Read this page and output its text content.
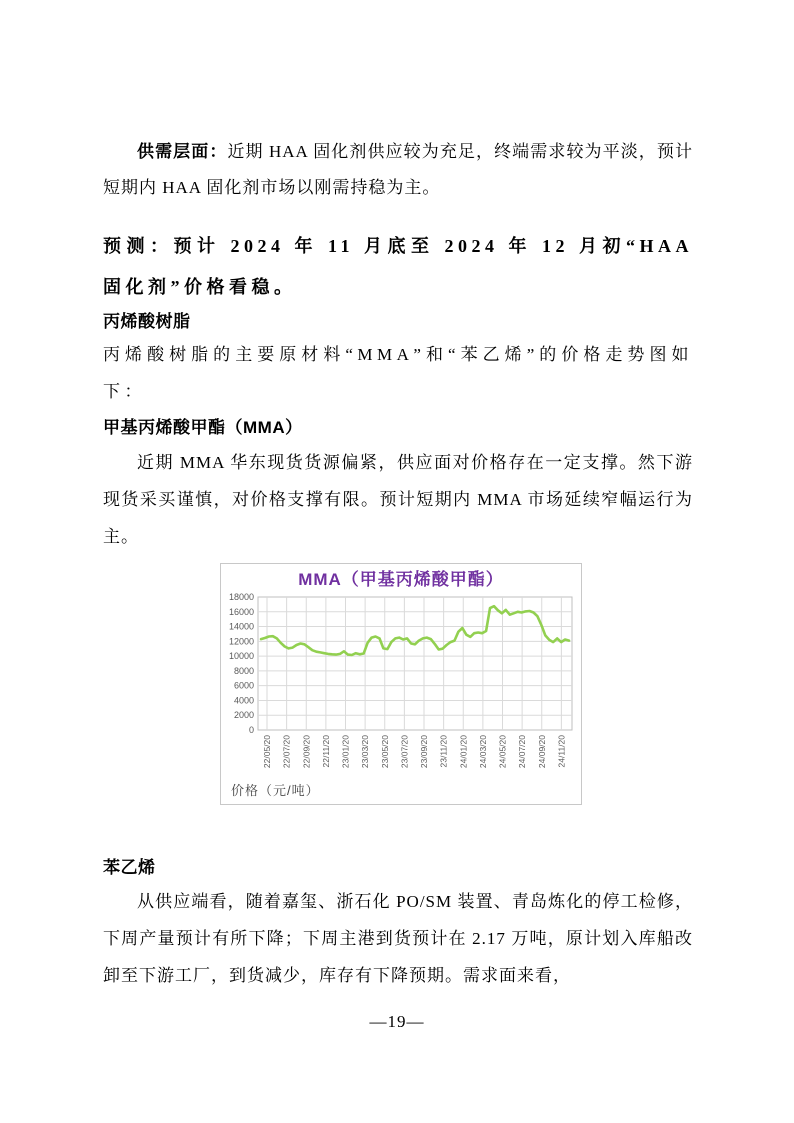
供需层面：近期 HAA 固化剂供应较为充足，终端需求较为平淡，预计短期内 HAA 固化剂市场以刚需持稳为主。

预测：预计 2024 年 11 月底至 2024 年 12 月初“HAA 固化剂”价格看稳。

丙烯酸树脂

丙烯酸树脂的主要原材料“MMA”和“苯乙烯”的价格走势图如下：

甲基丙烯酸甲酯（MMA）

近期 MMA 华东现货货源偏紧，供应面对价格存在一定支撑。然下游现货采买谨慎，对价格支撑有限。预计短期内 MMA 市场延续窄幅运行为主。

MMA（甲基丙烯酸甲酯）
0
2000
4000
6000
8000
10000
12000
14000
16000
18000
22/05/20 22/07/20 22/09/20 22/11/20 23/01/20 23/03/20 23/05/20 23/07/20 23/09/20 23/11/20 24/01/20 24/03/20 24/05/20 24/07/20 24/09/20 24/11/20
价格（元/吨）
苯乙烯

从供应端看，随着嘉玺、浙石化 PO/SM 装置、青岛炼化的停工检修，下周产量预计有所下降；下周主港到货预计在 2.17 万吨，原计划入库船改卸至下游工厂，到货减少，库存有下降预期。需求面来看，

—19—
